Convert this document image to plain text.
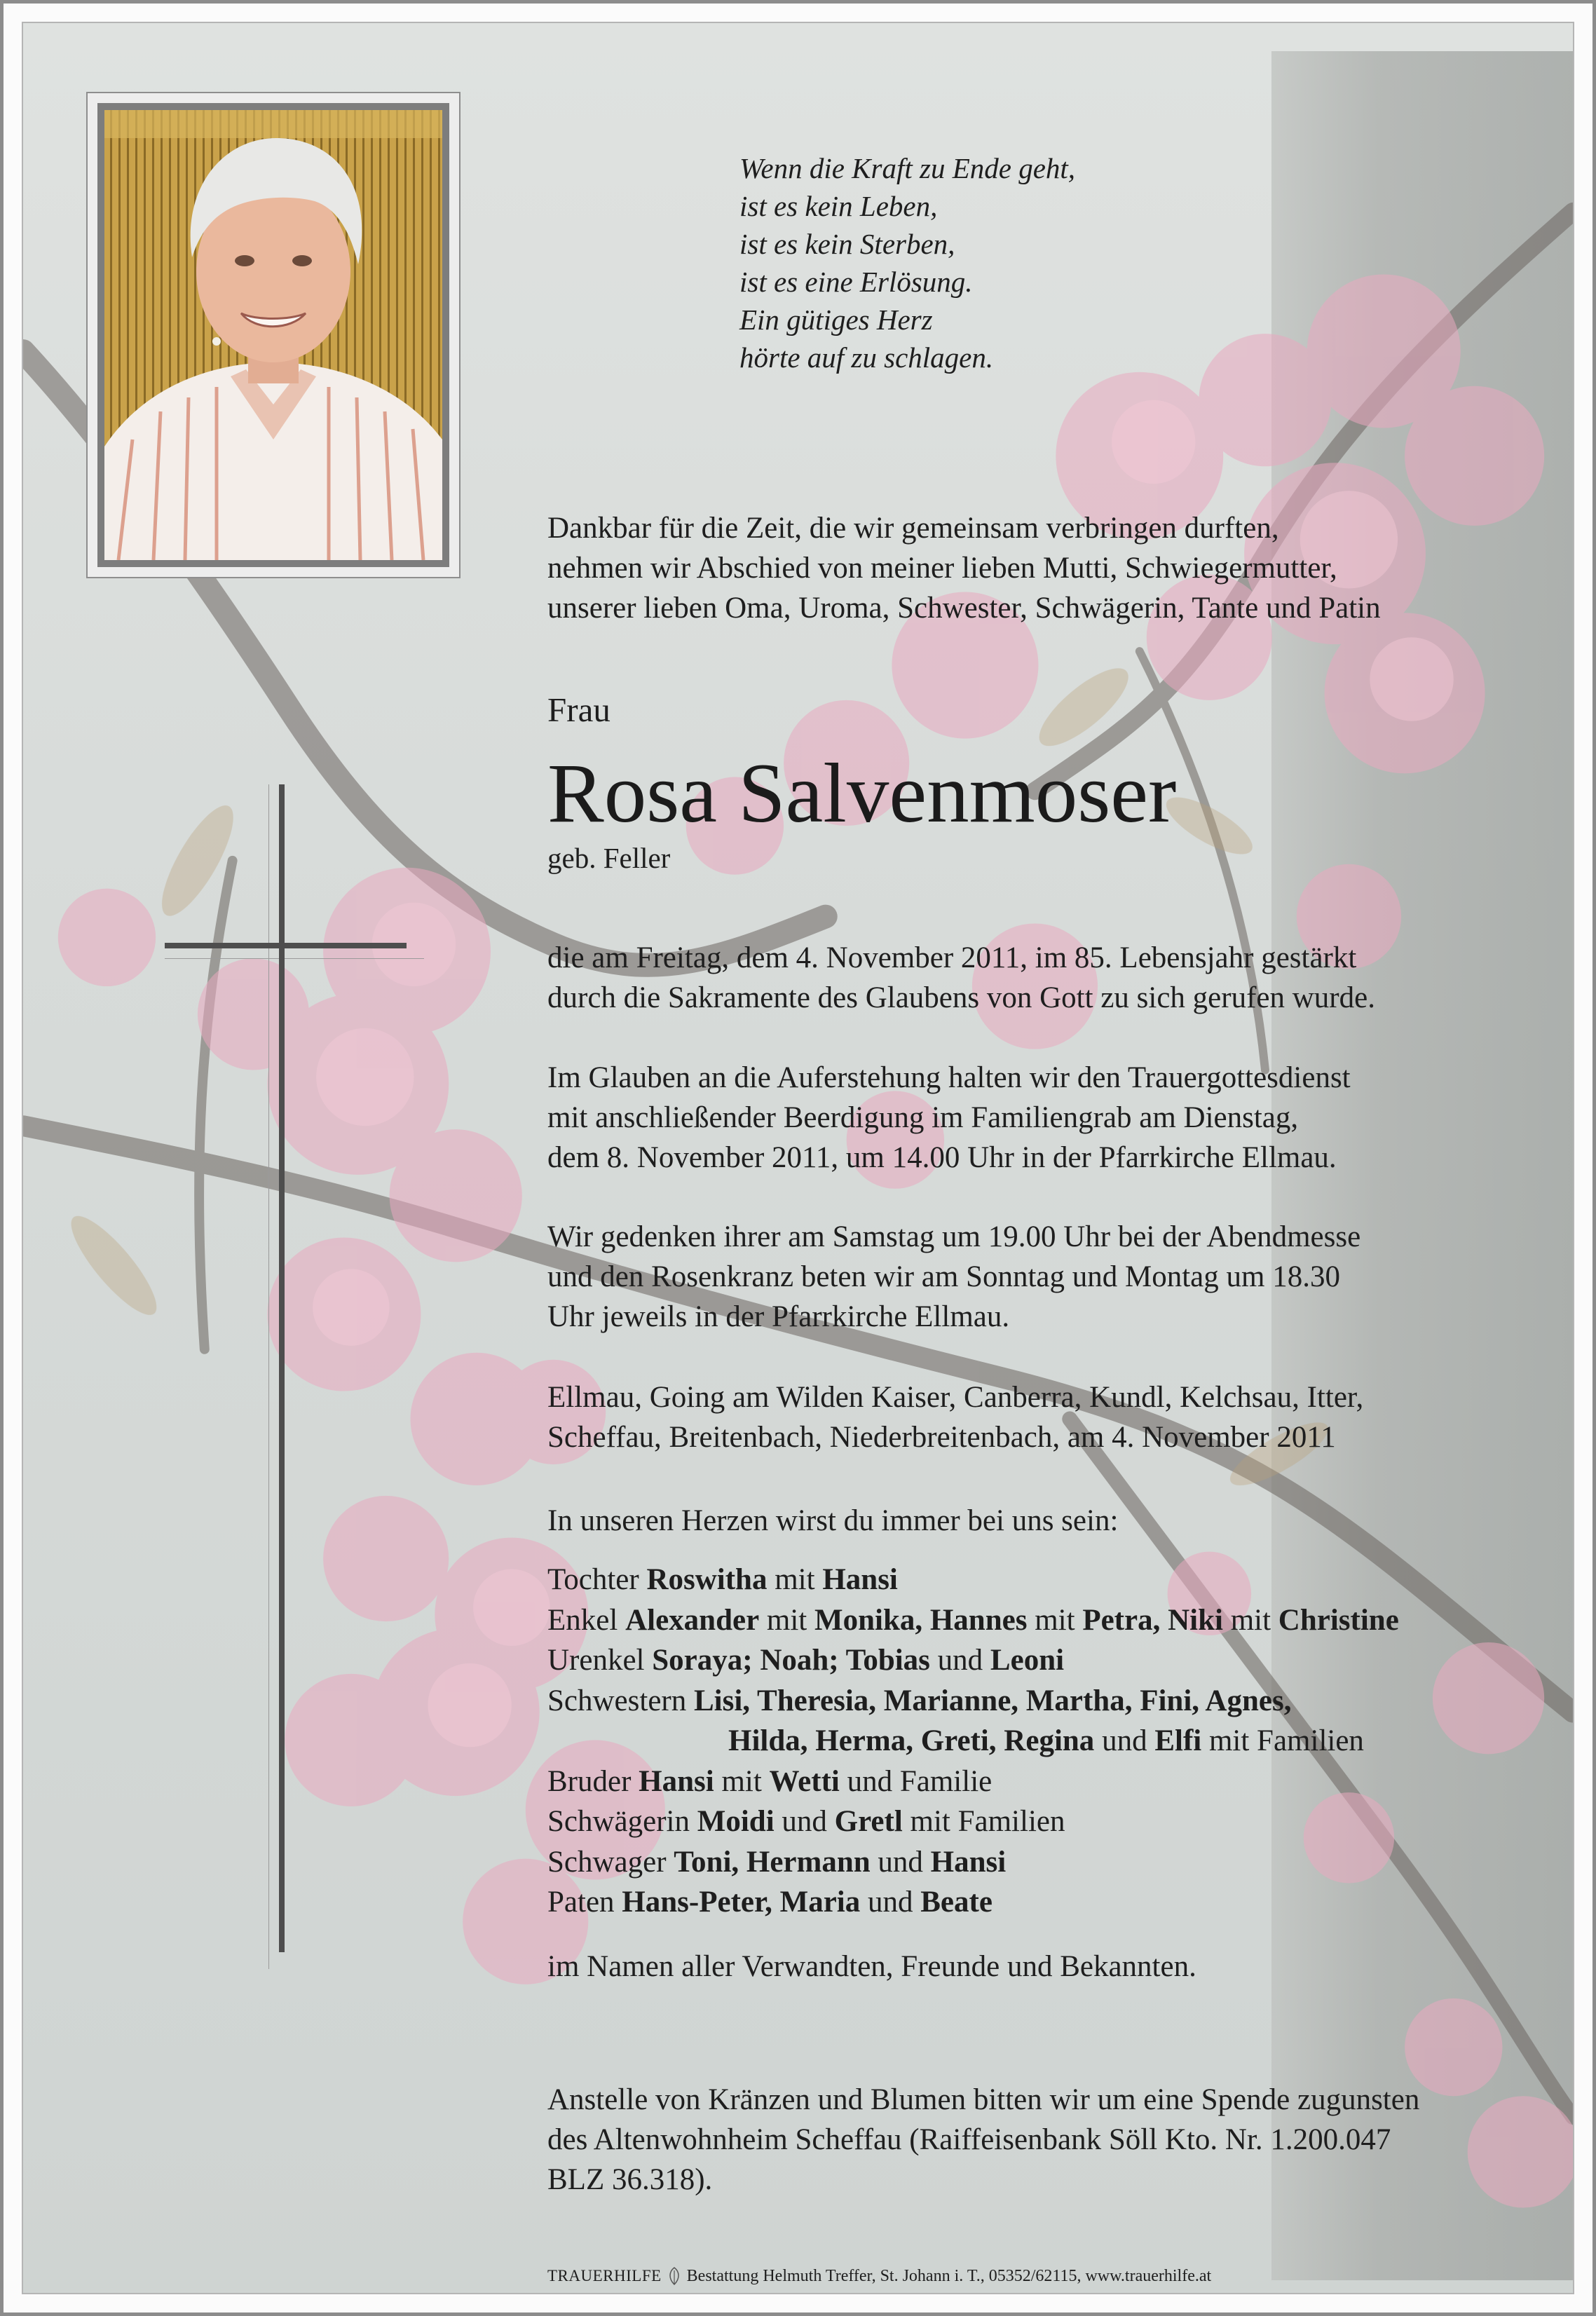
Wenn die Kraft zu Ende geht,
ist es kein Leben,
ist es kein Sterben,
ist es eine Erlösung.
Ein gütiges Herz
hörte auf zu schlagen.
Dankbar für die Zeit, die wir gemeinsam verbringen durften,
nehmen wir Abschied von meiner lieben Mutti, Schwiegermutter,
unserer lieben Oma, Uroma, Schwester, Schwägerin, Tante und Patin
Frau
Rosa Salvenmoser
geb. Feller
die am Freitag, dem 4. November 2011, im 85. Lebensjahr gestärkt
durch die Sakramente des Glaubens von Gott zu sich gerufen wurde.
Im Glauben an die Auferstehung halten wir den Trauergottesdienst
mit anschließender Beerdigung im Familiengrab am Dienstag,
dem 8. November 2011, um 14.00 Uhr in der Pfarrkirche Ellmau.
Wir gedenken ihrer am Samstag um 19.00 Uhr bei der Abendmesse
und den Rosenkranz beten wir am Sonntag und Montag um 18.30
Uhr jeweils in der Pfarrkirche Ellmau.
Ellmau, Going am Wilden Kaiser, Canberra, Kundl, Kelchsau, Itter,
Scheffau, Breitenbach, Niederbreitenbach, am 4. November 2011
In unseren Herzen wirst du immer bei uns sein:
Tochter Roswitha mit Hansi
Enkel Alexander mit Monika, Hannes mit Petra, Niki mit Christine
Urenkel Soraya; Noah; Tobias und Leoni
Schwestern Lisi, Theresia, Marianne, Martha, Fini, Agnes,
Hilda, Herma, Greti, Regina und Elfi mit Familien
Bruder Hansi mit Wetti und Familie
Schwägerin Moidi und Gretl mit Familien
Schwager Toni, Hermann und Hansi
Paten Hans-Peter, Maria und Beate
im Namen aller Verwandten, Freunde und Bekannten.
Anstelle von Kränzen und Blumen bitten wir um eine Spende zugunsten
des Altenwohnheim Scheffau (Raiffeisenbank Söll Kto. Nr. 1.200.047
BLZ 36.318).
TRAUERHILFE Bestattung Helmuth Treffer, St. Johann i. T., 05352/62115, www.trauerhilfe.at
